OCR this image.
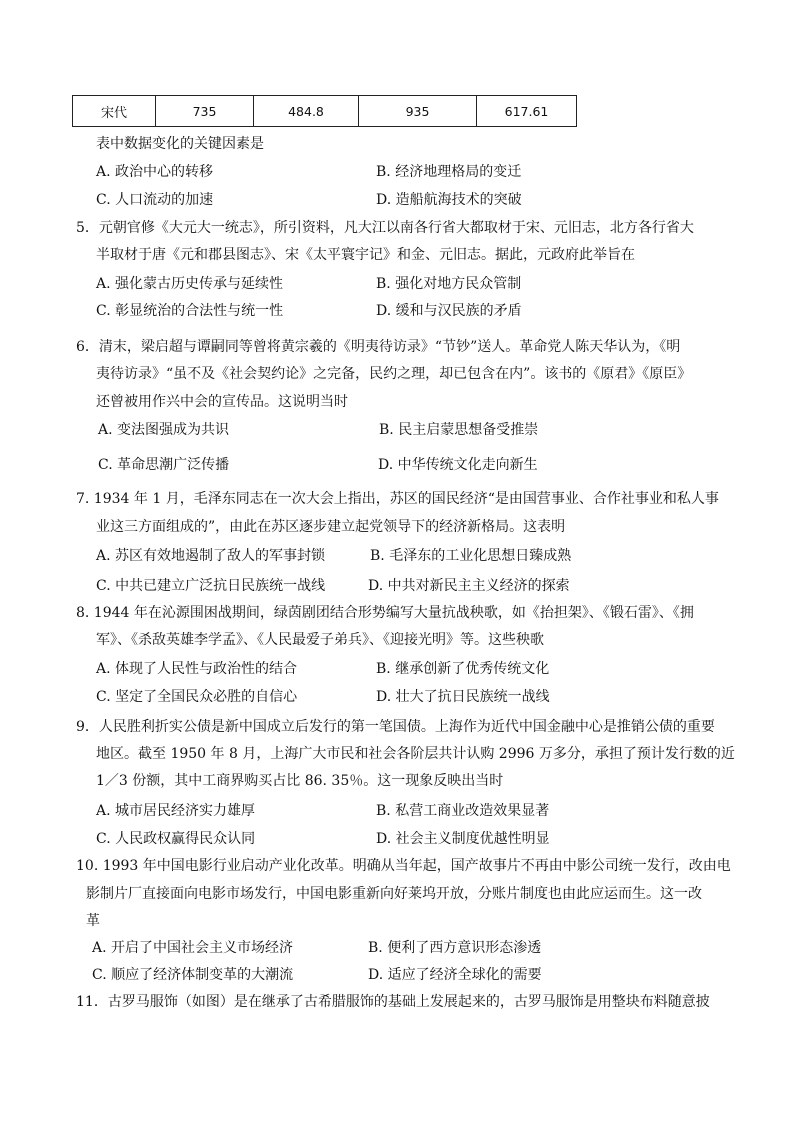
宋代	735	484.8	935	617.61
表中数据变化的关键因素是
A. 政治中心的转移	B. 经济地理格局的变迁
C. 人口流动的加速	D. 造船航海技术的突破
5．元朝官修《大元大一统志》，所引资料，凡大江以南各行省大都取材于宋、元旧志，北方各行省大
半取材于唐《元和郡县图志》、宋《太平寰宇记》和金、元旧志。据此，元政府此举旨在
A. 强化蒙古历史传承与延续性	B. 强化对地方民众管制
C. 彰显统治的合法性与统一性	D. 缓和与汉民族的矛盾
6．清末，梁启超与谭嗣同等曾将黄宗羲的《明夷待访录》“节钞”送人。革命党人陈天华认为，《明
夷待访录》“虽不及《社会契约论》之完备，民约之理，却已包含在内”。该书的《原君》《原臣》
还曾被用作兴中会的宣传品。这说明当时
A. 变法图强成为共识	B. 民主启蒙思想备受推崇
C. 革命思潮广泛传播	D. 中华传统文化走向新生
7. 1934 年 1 月，毛泽东同志在一次大会上指出，苏区的国民经济“是由国营事业、合作社事业和私人事
业这三方面组成的”，由此在苏区逐步建立起党领导下的经济新格局。这表明
A. 苏区有效地遏制了敌人的军事封锁	B. 毛泽东的工业化思想日臻成熟
C. 中共已建立广泛抗日民族统一战线	D. 中共对新民主主义经济的探索
8. 1944 年在沁源围困战期间，绿茵剧团结合形势编写大量抗战秧歌，如《抬担架》、《锻石雷》、《拥
军》、《杀敌英雄李学孟》、《人民最爱子弟兵》、《迎接光明》等。这些秧歌
A. 体现了人民性与政治性的结合	B. 继承创新了优秀传统文化
C. 坚定了全国民众必胜的自信心	D. 壮大了抗日民族统一战线
9．人民胜利折实公债是新中国成立后发行的第一笔国债。上海作为近代中国金融中心是推销公债的重要
地区。截至 1950 年 8 月，上海广大市民和社会各阶层共计认购 2996 万多分，承担了预计发行数的近
1／3 份额，其中工商界购买占比 86. 35％。这一现象反映出当时
A. 城市居民经济实力雄厚	B. 私营工商业改造效果显著
C. 人民政权赢得民众认同	D. 社会主义制度优越性明显
10. 1993 年中国电影行业启动产业化改革。明确从当年起，国产故事片不再由中影公司统一发行，改由电
影制片厂直接面向电影市场发行，中国电影重新向好莱坞开放，分账片制度也由此应运而生。这一改
革
A. 开启了中国社会主义市场经济	B. 便利了西方意识形态渗透
C. 顺应了经济体制变革的大潮流	D. 适应了经济全球化的需要
11．古罗马服饰（如图）是在继承了古希腊服饰的基础上发展起来的，古罗马服饰是用整块布料随意披
